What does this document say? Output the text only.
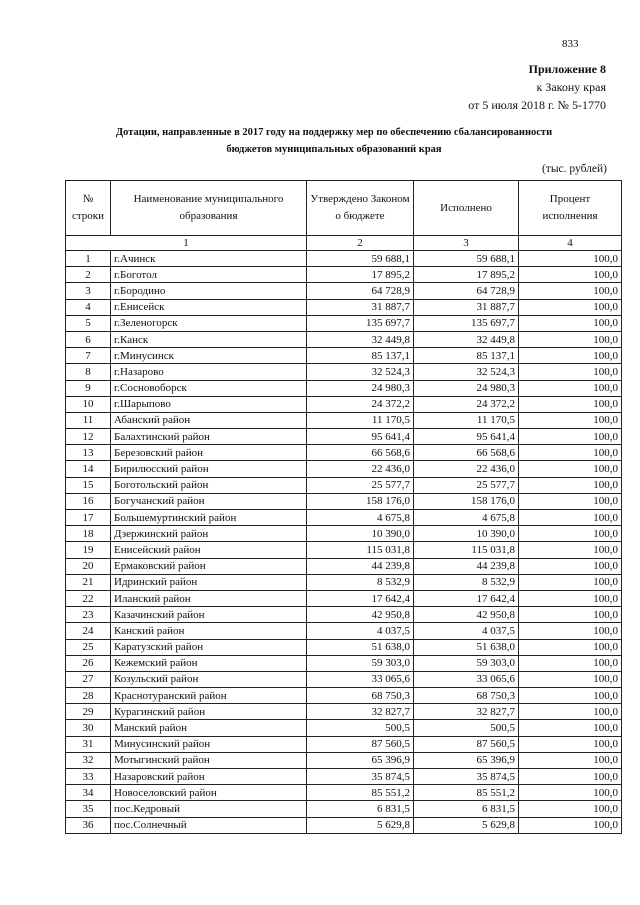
833
Приложение 8
к Закону края
от 5 июля 2018 г. № 5-1770
Дотации, направленные в 2017 году на поддержку мер по обеспечению сбалансированности
бюджетов муниципальных образований края
(тыс. рублей)
№ строки	Наименование муниципального образования	Утверждено Законом о бюджете	Исполнено	Процент исполнения
1		2	3	4
1	г.Ачинск	59 688,1	59 688,1	100,0
2	г.Боготол	17 895,2	17 895,2	100,0
3	г.Бородино	64 728,9	64 728,9	100,0
4	г.Енисейск	31 887,7	31 887,7	100,0
5	г.Зеленогорск	135 697,7	135 697,7	100,0
6	г.Канск	32 449,8	32 449,8	100,0
7	г.Минусинск	85 137,1	85 137,1	100,0
8	г.Назарово	32 524,3	32 524,3	100,0
9	г.Сосновоборск	24 980,3	24 980,3	100,0
10	г.Шарыпово	24 372,2	24 372,2	100,0
11	Абанский район	11 170,5	11 170,5	100,0
12	Балахтинский район	95 641,4	95 641,4	100,0
13	Березовский район	66 568,6	66 568,6	100,0
14	Бирилюсский район	22 436,0	22 436,0	100,0
15	Боготольский район	25 577,7	25 577,7	100,0
16	Богучанский район	158 176,0	158 176,0	100,0
17	Большемуртинский район	4 675,8	4 675,8	100,0
18	Дзержинский район	10 390,0	10 390,0	100,0
19	Енисейский район	115 031,8	115 031,8	100,0
20	Ермаковский район	44 239,8	44 239,8	100,0
21	Идринский район	8 532,9	8 532,9	100,0
22	Иланский район	17 642,4	17 642,4	100,0
23	Казачинский район	42 950,8	42 950,8	100,0
24	Канский район	4 037,5	4 037,5	100,0
25	Каратузский район	51 638,0	51 638,0	100,0
26	Кежемский район	59 303,0	59 303,0	100,0
27	Козульский район	33 065,6	33 065,6	100,0
28	Краснотуранский район	68 750,3	68 750,3	100,0
29	Курагинский район	32 827,7	32 827,7	100,0
30	Манский район	500,5	500,5	100,0
31	Минусинский район	87 560,5	87 560,5	100,0
32	Мотыгинский район	65 396,9	65 396,9	100,0
33	Назаровский район	35 874,5	35 874,5	100,0
34	Новоселовский район	85 551,2	85 551,2	100,0
35	пос.Кедровый	6 831,5	6 831,5	100,0
36	пос.Солнечный	5 629,8	5 629,8	100,0
